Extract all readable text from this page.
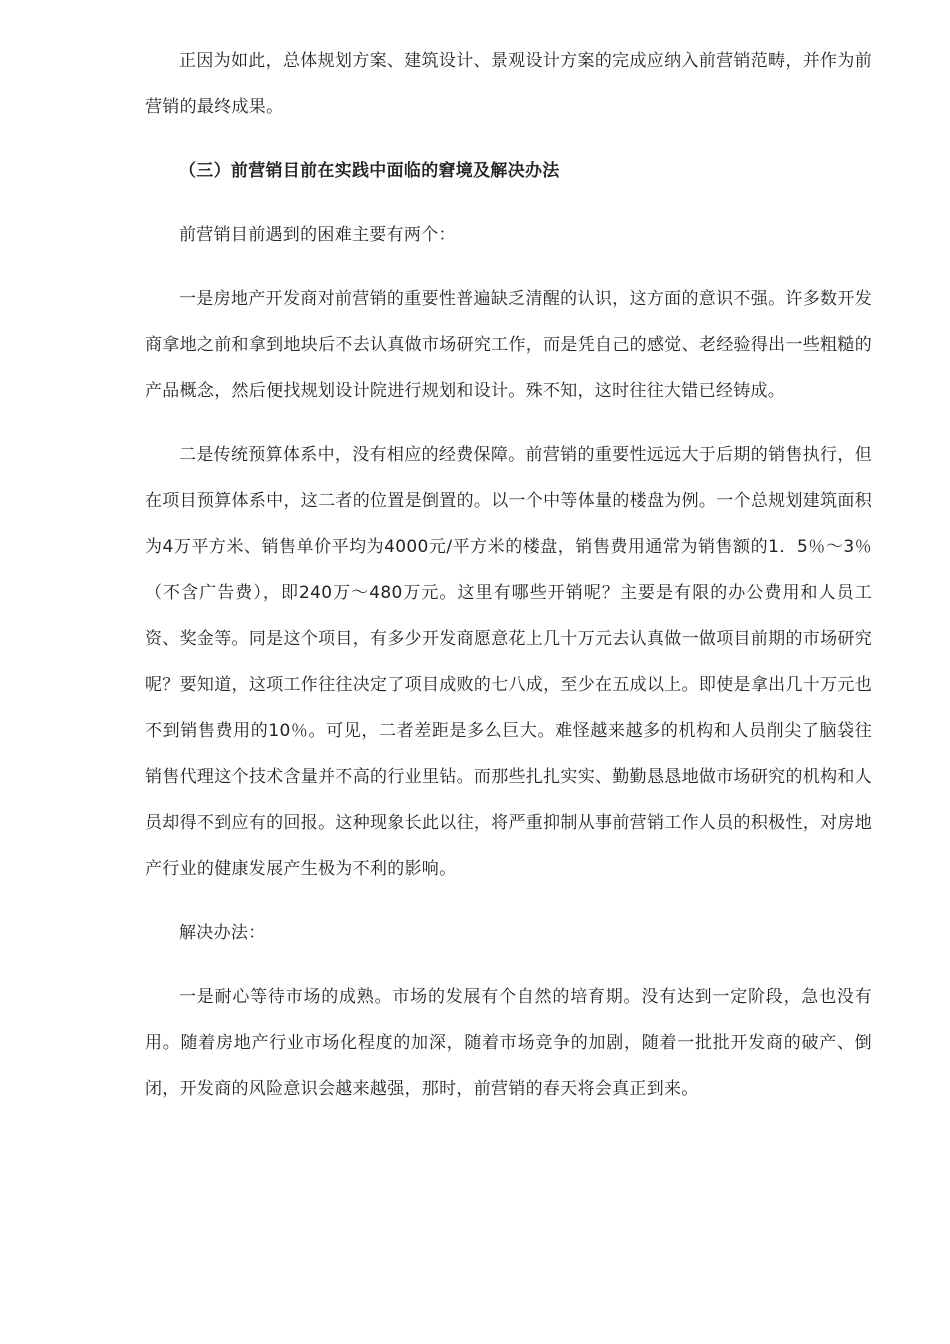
正因为如此，总体规划方案、建筑设计、景观设计方案的完成应纳入前营销范畴，并作为前营销的最终成果。

（三）前营销目前在实践中面临的窘境及解决办法

前营销目前遇到的困难主要有两个：

一是房地产开发商对前营销的重要性普遍缺乏清醒的认识，这方面的意识不强。许多数开发商拿地之前和拿到地块后不去认真做市场研究工作，而是凭自己的感觉、老经验得出一些粗糙的产品概念，然后便找规划设计院进行规划和设计。殊不知，这时往往大错已经铸成。

二是传统预算体系中，没有相应的经费保障。前营销的重要性远远大于后期的销售执行，但在项目预算体系中，这二者的位置是倒置的。以一个中等体量的楼盘为例。一个总规划建筑面积为4万平方米、销售单价平均为4000元/平方米的楼盘，销售费用通常为销售额的1．5％～3％（不含广告费），即240万～480万元。这里有哪些开销呢？主要是有限的办公费用和人员工资、奖金等。同是这个项目，有多少开发商愿意花上几十万元去认真做一做项目前期的市场研究呢？要知道，这项工作往往决定了项目成败的七八成，至少在五成以上。即使是拿出几十万元也不到销售费用的10％。可见，二者差距是多么巨大。难怪越来越多的机构和人员削尖了脑袋往销售代理这个技术含量并不高的行业里钻。而那些扎扎实实、勤勤恳恳地做市场研究的机构和人员却得不到应有的回报。这种现象长此以往，将严重抑制从事前营销工作人员的积极性，对房地产行业的健康发展产生极为不利的影响。

解决办法：

一是耐心等待市场的成熟。市场的发展有个自然的培育期。没有达到一定阶段，急也没有用。随着房地产行业市场化程度的加深，随着市场竞争的加剧，随着一批批开发商的破产、倒闭，开发商的风险意识会越来越强，那时，前营销的春天将会真正到来。
